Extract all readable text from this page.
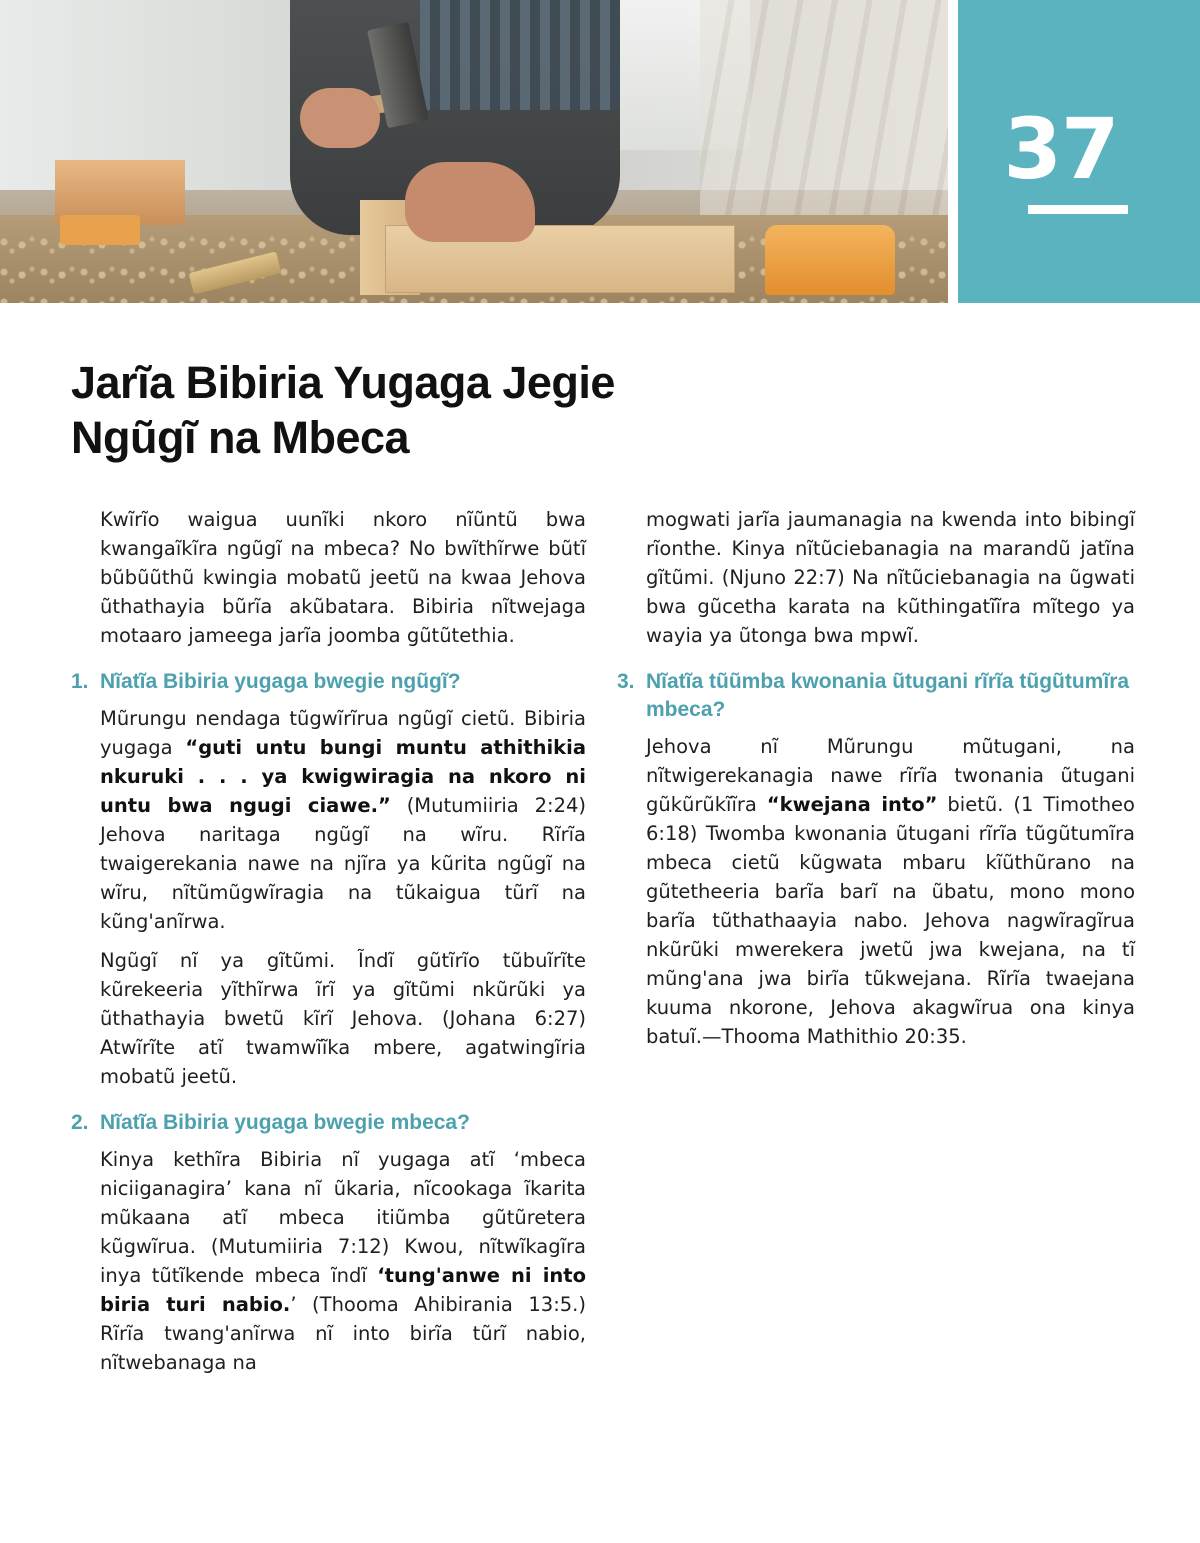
37
Jarĩa Bibiria Yugaga Jegie
Ngũgĩ na Mbeca

Kwĩrĩo waigua uunĩki nkoro nĩũntũ bwa kwangaĩkĩra ngũgĩ na mbeca? No bwĩthĩrwe bũtĩ bũbũũthũ kwingia mobatũ jeetũ na kwaa Jehova ũthathayia bũrĩa akũbatara. Bibiria nĩtwejaga motaaro jameega jarĩa joomba gũtũtethia.

1. Nĩatĩa Bibiria yugaga bwegie ngũgĩ?

Mũrungu nendaga tũgwĩrĩrua ngũgĩ cietũ. Bibiria yugaga “guti untu bungi muntu athithikia nkuruki . . . ya kwigwiragia na nkoro ni untu bwa ngugi ciawe.” (Mutumiiria 2:24) Jehova naritaga ngũgĩ na wĩru. Rĩrĩa twaigerekania nawe na njĩra ya kũrita ngũgĩ na wĩru, nĩtũmũgwĩragia na tũkaigua tũrĩ na kũng'anĩrwa.

Ngũgĩ nĩ ya gĩtũmi. Ĩndĩ gũtĩrĩo tũbuĩrĩte kũrekeeria yĩthĩrwa ĩrĩ ya gĩtũmi nkũrũki ya ũthathayia bwetũ kĩrĩ Jehova. (Johana 6:27) Atwĩrĩte atĩ twamwĩĩka mbere, agatwingĩria mobatũ jeetũ.

2. Nĩatĩa Bibiria yugaga bwegie mbeca?

Kinya kethĩra Bibiria nĩ yugaga atĩ ‘mbeca niciiganagira’ kana nĩ ũkaria, nĩcookaga ĩkarita mũkaana atĩ mbeca itiũmba gũtũretera kũgwĩrua. (Mutumiiria 7:12) Kwou, nĩtwĩkagĩra inya tũtĩkende mbeca ĩndĩ ‘tung'anwe ni into biria turi nabio.’ (Thooma Ahibirania 13:5.) Rĩrĩa twang'anĩrwa nĩ into birĩa tũrĩ nabio, nĩtwebanaga na

mogwati jarĩa jaumanagia na kwenda into bibingĩ rĩonthe. Kinya nĩtũciebanagia na marandũ jatĩna gĩtũmi. (Njuno 22:7) Na nĩtũciebanagia na ũgwati bwa gũcetha karata na kũthingatĩĩra mĩtego ya wayia ya ũtonga bwa mpwĩ.

3. Nĩatĩa tũũmba kwonania ũtugani rĩrĩa tũgũtumĩra mbeca?

Jehova nĩ Mũrungu mũtugani, na nĩtwigerekanagia nawe rĩrĩa twonania ũtugani gũkũrũkĩĩra “kwejana into” bietũ. (1 Timotheo 6:18) Twomba kwonania ũtugani rĩrĩa tũgũtumĩra mbeca cietũ kũgwata mbaru kĩũthũrano na gũtetheeria barĩa barĩ na ũbatu, mono mono barĩa tũthathaayia nabo. Jehova nagwĩragĩrua nkũrũki mwerekera jwetũ jwa kwejana, na tĩ mũng'ana jwa birĩa tũkwejana. Rĩrĩa twaejana kuuma nkorone, Jehova akagwĩrua ona kinya batuĩ.—Thooma Mathithio 20:35.
